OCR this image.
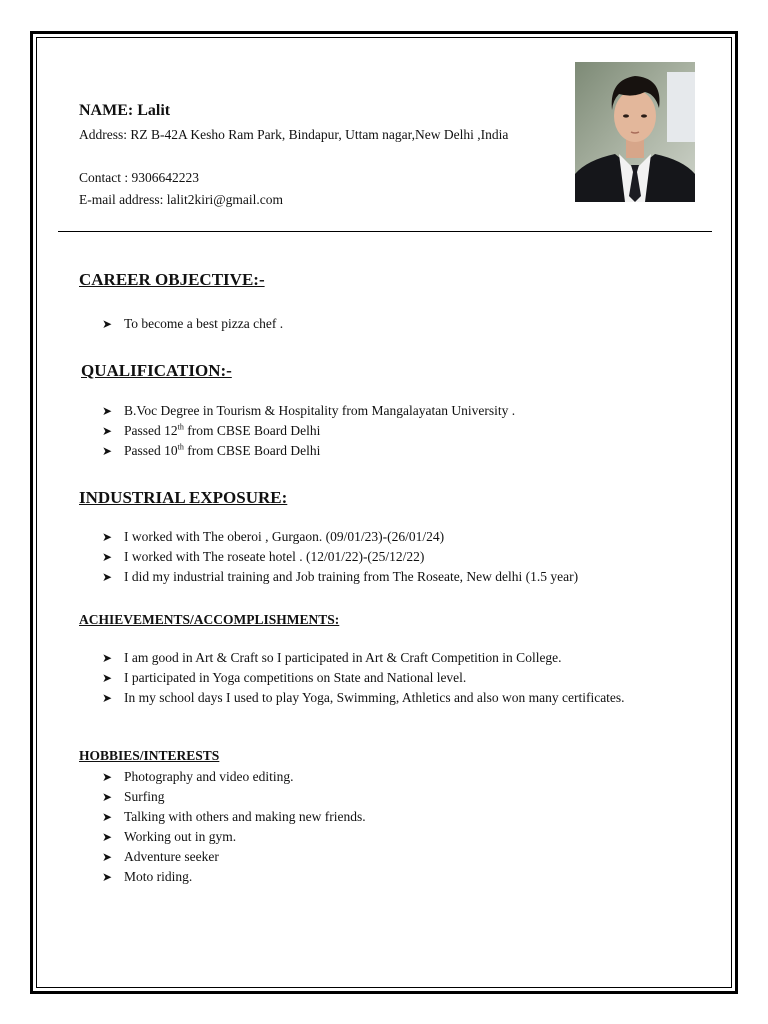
NAME: Lalit
Address: RZ B-42A Kesho Ram Park, Bindapur, Uttam nagar,New Delhi ,India
Contact : 9306642223
E-mail address: lalit2kiri@gmail.com
CAREER OBJECTIVE:-
➤ To become a best pizza chef .
QUALIFICATION:-
➤ B.Voc Degree in Tourism & Hospitality from Mangalayatan University .
➤ Passed 12th from CBSE Board Delhi
➤ Passed 10th from CBSE Board Delhi
INDUSTRIAL EXPOSURE:
➤ I worked with The oberoi , Gurgaon. (09/01/23)-(26/01/24)
➤ I worked with The roseate hotel . (12/01/22)-(25/12/22)
➤ I did my industrial training and Job training from The Roseate, New delhi (1.5 year)
ACHIEVEMENTS/ACCOMPLISHMENTS:
➤ I am good in Art & Craft so I participated in Art & Craft Competition in College.
➤ I participated in Yoga competitions on State and National level.
➤ In my school days I used to play Yoga, Swimming, Athletics and also won many certificates.
HOBBIES/INTERESTS
➤ Photography and video editing.
➤ Surfing
➤ Talking with others and making new friends.
➤ Working out in gym.
➤ Adventure seeker
➤ Moto riding.
